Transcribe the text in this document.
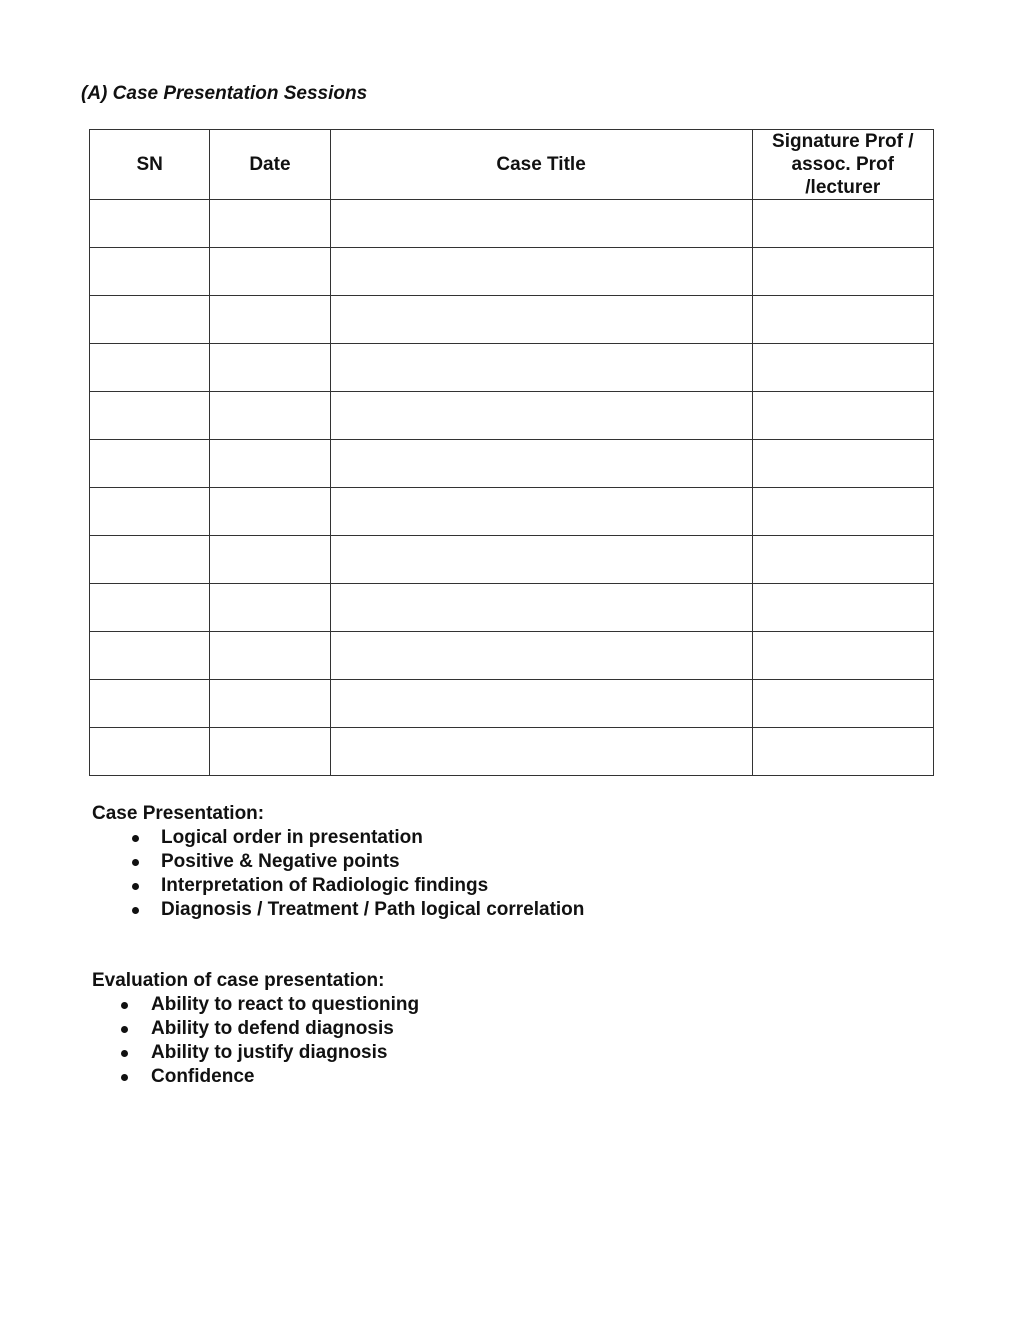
(A) Case Presentation Sessions
SN	Date	Case Title	Signature Prof / assoc. Prof /lecturer

Case Presentation:

Logical order in presentation
Positive & Negative points
Interpretation of Radiologic findings
Diagnosis / Treatment / Path logical correlation

Evaluation of case presentation:

Ability to react to questioning
Ability to defend diagnosis
Ability to justify diagnosis
Confidence
